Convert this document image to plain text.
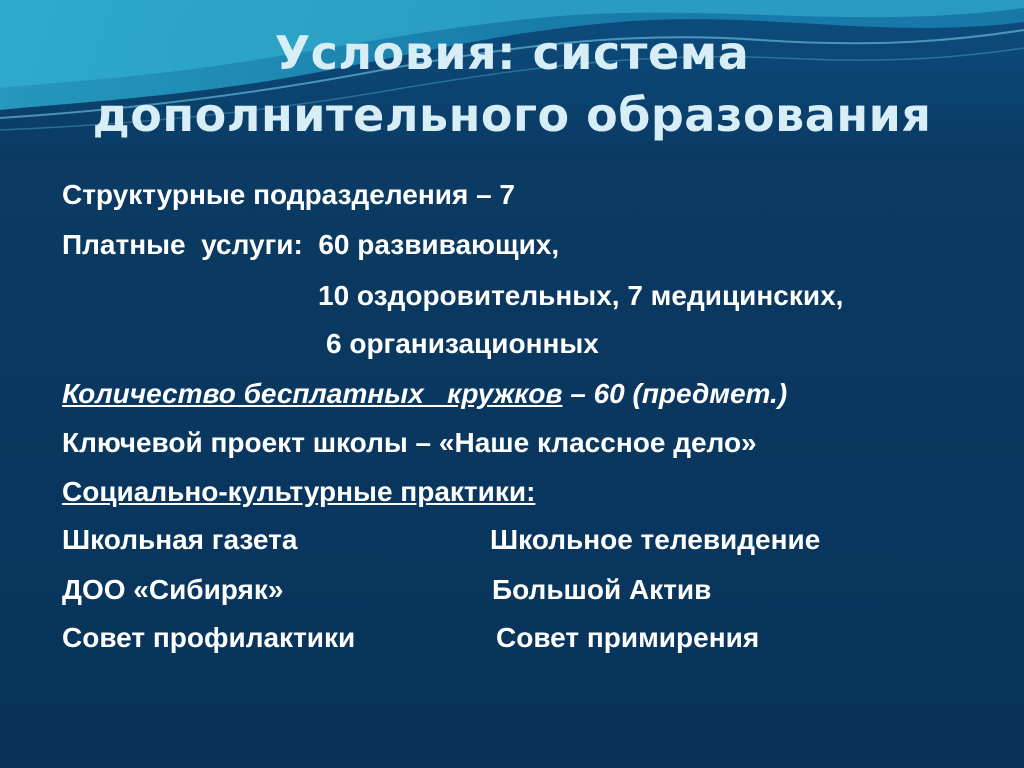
Условия: система
дополнительного образования
Структурные подразделения – 7
Платные  услуги:  60 развивающих,
10 оздоровительных, 7 медицинских,
6 организационных
Количество бесплатных   кружков – 60 (предмет.)
Ключевой проект школы – «Наше классное дело»
Социально-культурные практики:
Школьная газета	Школьное телевидение
ДОО «Сибиряк»	Большой Актив
Совет профилактики	Совет примирения
